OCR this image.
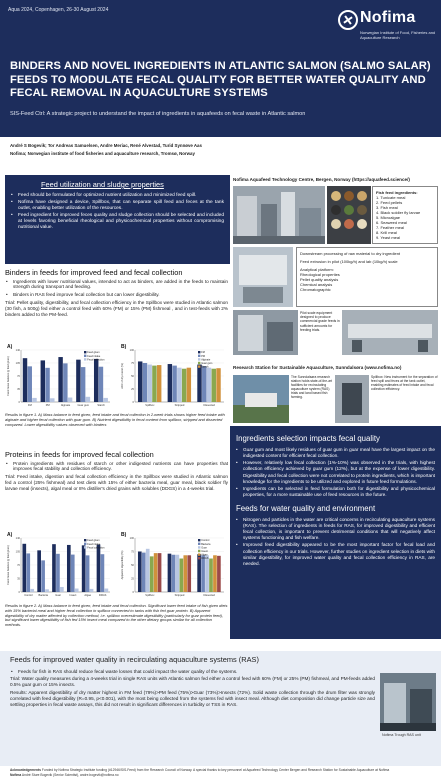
Aqua 2024, Copenhagen, 26-30 August 2024	Nofima
Norwegian Institute of Food, Fisheries and Aquaculture Research
BINDERS AND NOVEL INGREDIENTS IN ATLANTIC SALMON (SALMO SALAR) FEEDS TO MODULATE FECAL QUALITY FOR BETTER WATER QUALITY AND FECAL REMOVAL IN AQUACULTURE SYSTEMS
SIS-Feed Ctrl: A strategic project to understand the impact of ingredients in aquafeeds on fecal waste in Atlantic salmon
André S Bogevik; Tor Andreas Samuelsen, Andre Meriac, René Alvestad, Turid Synnøve Aas
Nofima; Norwegian institute of food fisheries and aquaculture research, Tromsø, Norway
Feed utilization and sludge properties
• Feed should be formulated for optimized nutrient utilization and minimized feed spill.
• Nofima have designed a device, Spillbox, that can separate spill feed and feces at the tank outlet, enabling better utilization of the resources.
• Feed ingredient for improved feces quality and sludge collection should be selected and included at levels favoring beneficial rheological and physicochemical properties without compromising nutritional value.
Binders in feeds for improved feed and fecal collection
• Ingredients with lower nutritional values, intended to act as binders, are added in the feeds to maintain strength during transport and feeding.
• Binders in RAS feed improve fecal collection but can lower digestibility.

Trial: Pellet quality, digestibility, and fecal collection efficiency in the Spillbox were studied in Atlantic salmon (30 fish, a 500g) fed either a control feed with 60% (FM) or 15% (PM) fishmeal , and in test-feeds with 2% binders added to the PM-feed.

A)
Feed mass balance (g feed given)
0
35
70
105
140
FM	PM	Alginate	Guar gum	Starch
Feed given
Feed intake
Fecal collection
B)
ADC of dry matter (%)
0
25
50
75
100
Spillbox	Stripped	Dissected
FM
PM
Alginate
Guar gum
Starch

Results in figure 1. A) Mass balance in feed given, feed intake and fecal collection in 2-week trials shows higher feed intake with alginate and higher fecal collection with guar gum. B) Nutrient digestibility in fecal content from spillbox, stripped and dissected compared. Lower digestibility values observed with binders

Proteins in feeds for improved fecal collection
• Protein ingredients with residues of starch or other indigested nutrients can have properties that improves fecal stability and collection efficiency.

Trial: Feed intake, digestion and fecal collection efficiency in the Spillbox were studied in Atlantic salmon fed a control (25% fishmeal) and test diets with 15% of either bacteria meal, guar meal, black soldier fly larvae meal (insects), algal meal or 8% distiller's dried grains with solubles (DDGS) in a 4-weeks trial.

A)
Feed mass balance (g feed given)
0
35
70
105
140
Control Bacteria	Guar	Insect	Algae	DDGS
Feed given
Feed intake
Fecal collection
B)
Apparent digestibility (%)
0
25
50
75
100
Spillbox	Stripped	Dissected
Control
Bacteria
Guar
Insect
Algae
DDGS

Results in figure 2. A) Mass balance in feed given, feed intake and fecal collection. Significant lower feed intake of fish given diets with 15% bacterial meal and higher fecal collection in spillbox connected to tanks with fish fed guar protein. B) Apparent digestibility of dry matter affected by collection method, i.e. spillbox overestimate digestibility (particularly for guar protein feed), but significant lower digestibility of fish fed 15% insect meal compared to the other dietary groups similar for all collection methods.

Nofima Aquafeed Technology Centre, Bergen, Norway (https://aquafeed.science/)
Fish feed ingredients:
1. Tunicate meal
2. Feed pellets
3. Fish meal
4. Black soldier fly larvae
5. Microalgae
6. Seaweed meal
7. Feather meal
8. Krill meal
9. Yeast meal
Downstream processing of raw material to dry ingredient
Feed extrusion in pilot (100kg/h) and lab (10kg/h) scale
Analytical platform:
Rheological properties
Pellet quality analysis
Chemical analysis
Chromatographic
Pilot scale equipment designed to produce commercial grade feeds in sufficient amounts for feeding trials.
Research Station for Sustainable Aquaculture, Sunndalsøra (www.nofima.no)
The Sunndalsøra research station holds state-of-the-art facilities for recirculating aquaculture system (RAS) trials and land based fish farming.
Spillbox: New instrument for the separation of feed spill and feces at the tank outlet, enabling estimates of feed intake and fecal collection efficiency.
Ingredients selection impacts fecal quality
• Guar gum and most likely residues of guar gum in guar meal have the largest impact on the indigested content for efficient fecal collection.
• However, relatively low fecal collection (1%-10%) was observed in the trials, with highest collection efficiency achieved by guar gum (12%), but at the expense of lower digestibility. Digestibility and fecal collection were not correlated to protein ingredients, which is important knowledge for the ingredients to be utilized and explored in future feed formulations.
• Ingredients can be selected in feed formulation both for digestibility and physicochemical properties, for a more sustainable use of feed resources in the future.
Feeds for water quality and environment
• Nitrogen and particles in the water are critical concerns in recirculating aquaculture systems (RAS). The selection of ingredients in feeds for RAS, for improved digestibility and efficient fecal collection, is important to prevent detrimental conditions that will negatively affect systems functioning and fish welfare.
• Improved feed digestibility appeared to be the most important factor for fecal load and collection efficiency in our trials. However, further studies on ingredient selection in diets with similar digestibility, for improved water quality and fecal collection efficiency in RAS, are needed.
Feeds for improved water quality in recirculating aquaculture systems (RAS)
• Feeds for fish in RAS should reduce fecal waste losses that could impact the water quality of the systems.

Trial: Water quality measures during a 4-weeks trial in single RAS units with Atlantic salmon fed either a control feed with 60% (FM) or 25% (PM) fishmeal, and PM-feeds added 0.5% guar gum or 15% insects.

Results: Apparent digestibility of dry matter highest in FM feed (79%)>PM feed (75%)>Guar (73%)>Insects (72%). Solid waste collection through the drum filter was strongly correlated with feed digestibility (R=0.95, p<0.001), with the most being collected from the systems fed with insect meal. Although diet composition did change particle size and settling properties in fecal waste assays, this did not result in significant differences in turbidity or TSS in RAS.

Nofima Trough RAS unit
Acknowledgements Funded by Nofima Strategic Institute funding (#12946/SIS-Feed) from the Research Council of Norway. A special thanks to key personnel at Aquafeed Technology Center Bergen and Research Station for Sustainable Aquaculture at Nofima
Nofima André Sture Bogevik (Senior Scientist), andre.bogevik@nofima.no
